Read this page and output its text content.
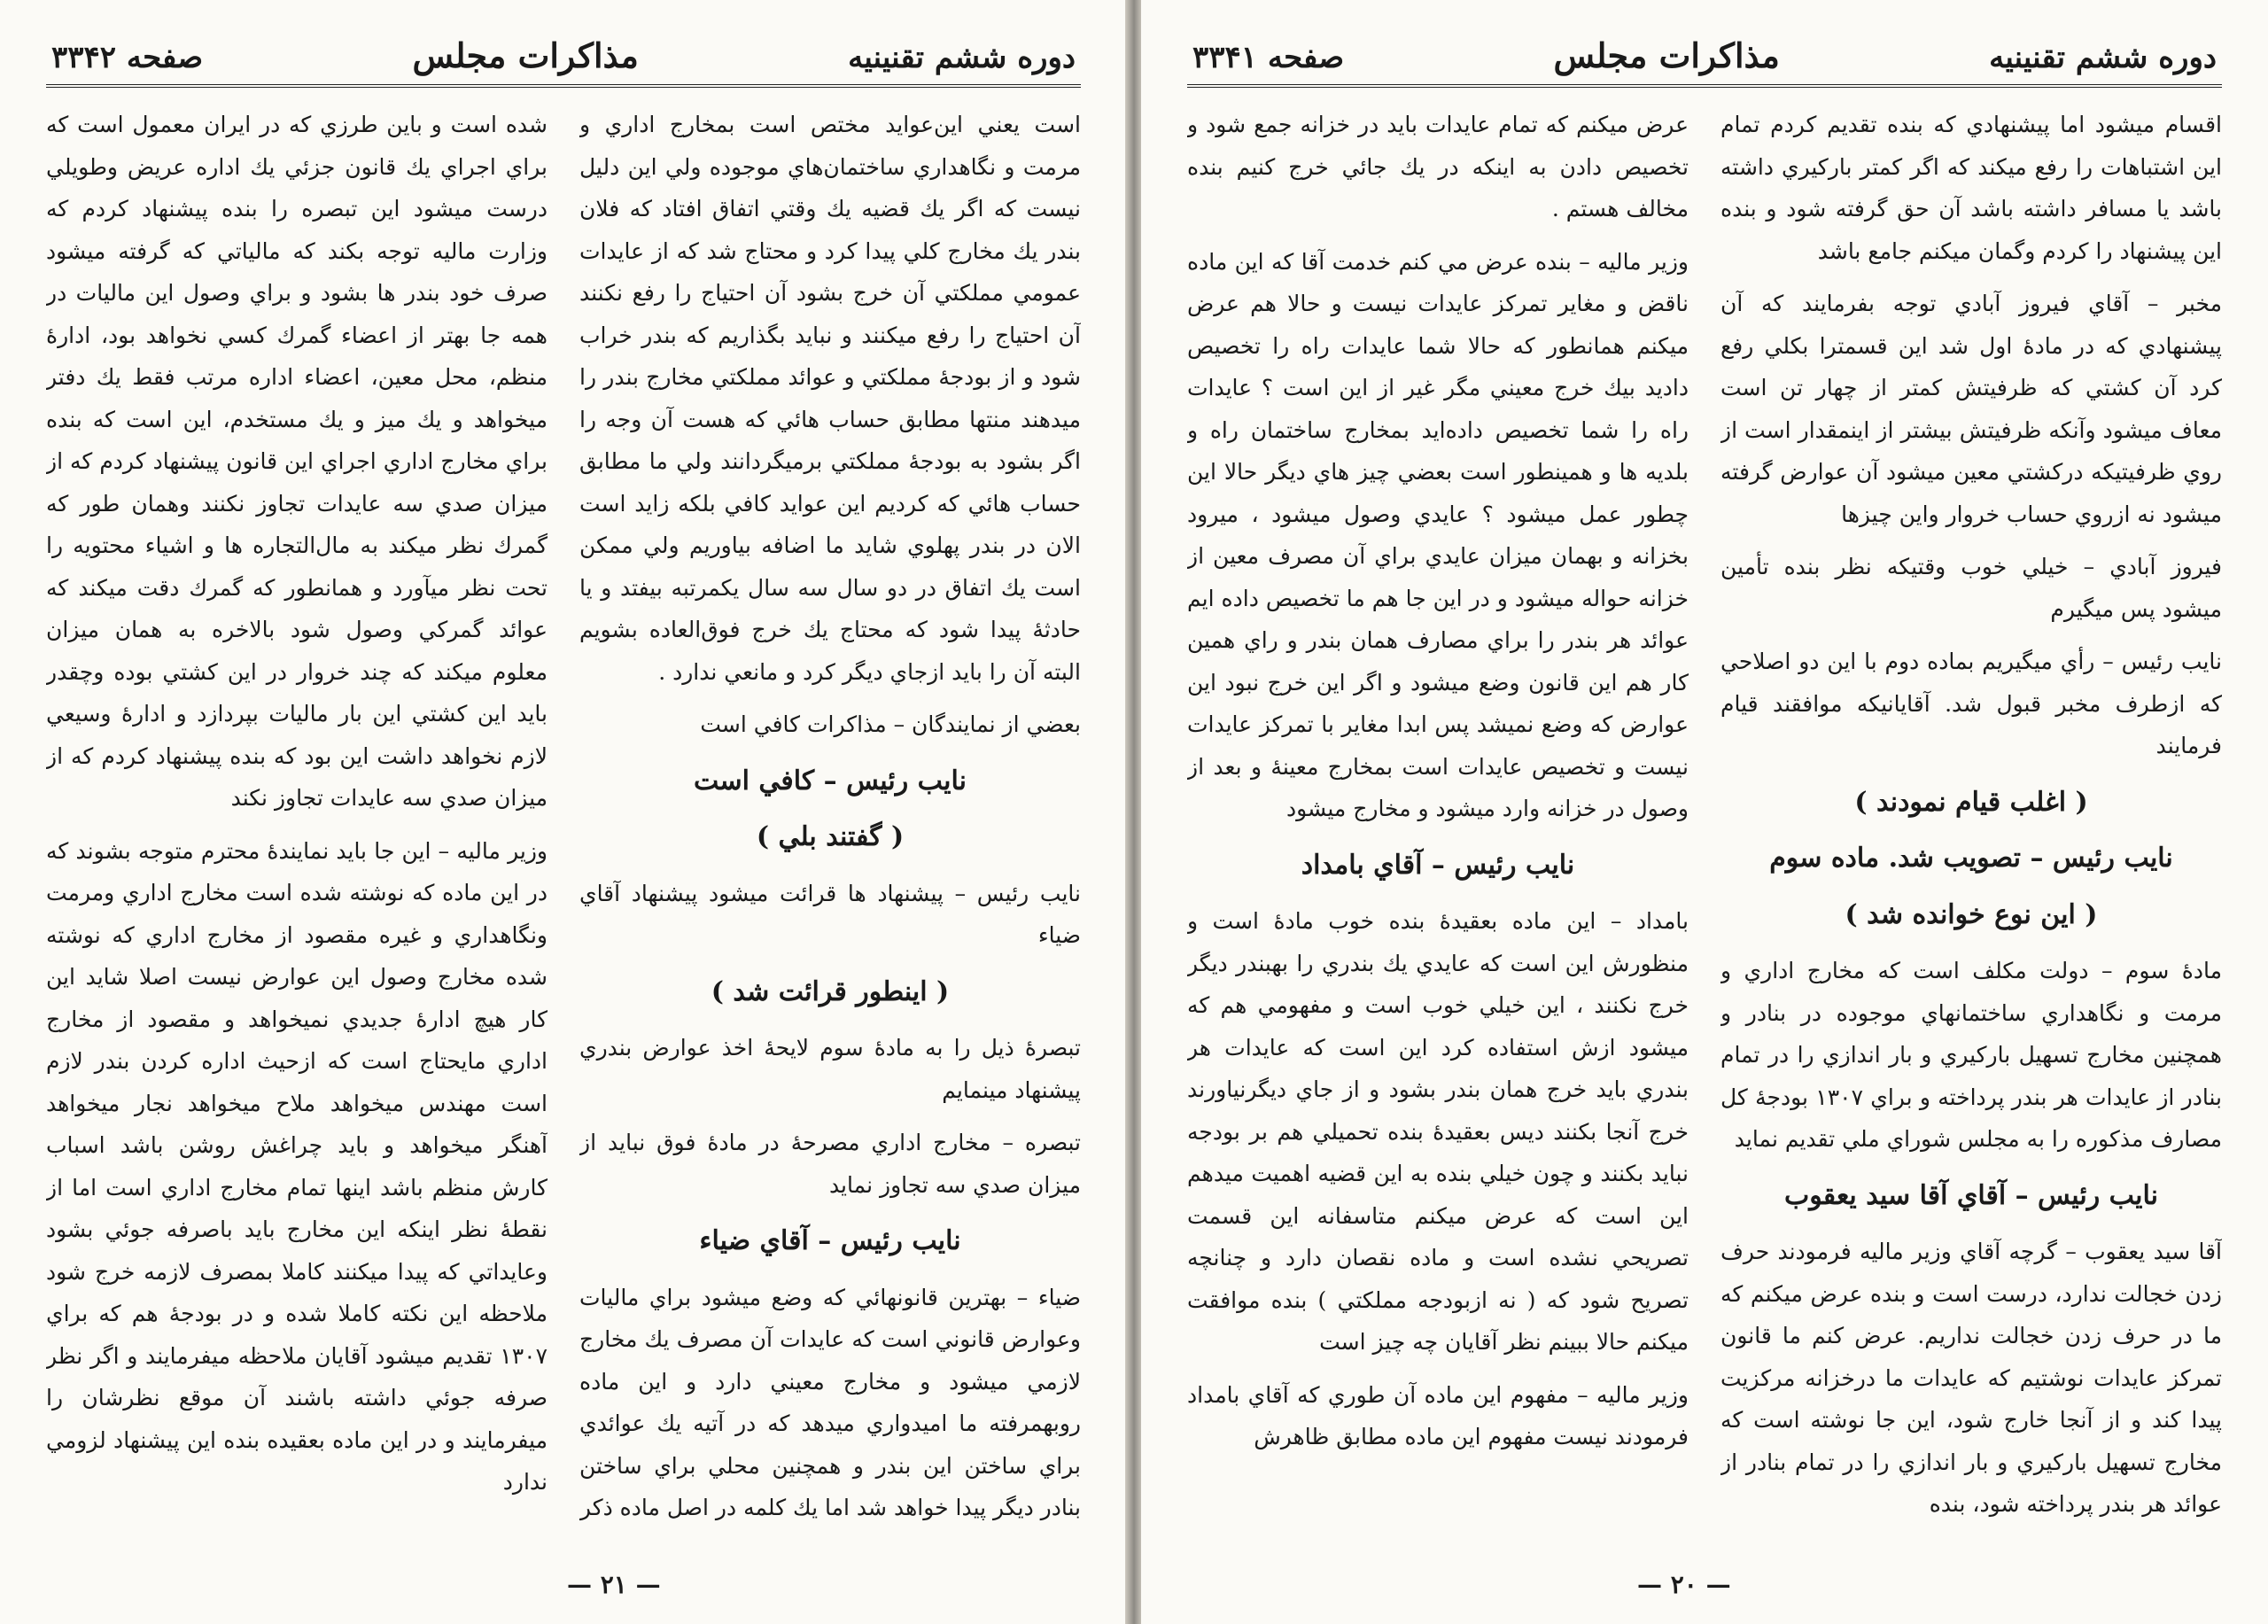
دوره ششم تقنينيه
مذاكرات مجلس
صفحه ۳۳۴۲

است يعني اين‌عوايد مختص است بمخارج اداري و مرمت و نگاهداري ساختمان‌هاي موجوده ولي اين دليل نيست كه اگر يك قضيه يك وقتي اتفاق افتاد كه فلان بندر يك مخارج كلي پيدا كرد و محتاج شد كه از عايدات عمومي مملكتي آن خرج بشود آن احتياج را رفع نكنند آن احتياج را رفع ميكنند و نبايد بگذاريم كه بندر خراب شود و از بودجهٔ مملكتي و عوائد مملكتي مخارج بندر را ميدهند منتها مطابق حساب هائي كه هست آن وجه را اگر بشود به بودجهٔ مملكتي برميگردانند ولي ما مطابق حساب هائي كه كرديم اين عوايد كافي بلكه زايد است الان در بندر پهلوي شايد ما اضافه بياوريم ولي ممكن است يك اتفاق در دو سال سه سال يكمرتبه بيفتد و يا حادثهٔ پيدا شود كه محتاج يك خرج فوق‌العاده بشويم البته آن را بايد ازجاي ديگر كرد و مانعي ندارد .

بعضي از نمايندگان – مذاكرات كافي است

نايب رئيس – كافي است
( گفتند بلي )

نايب رئيس – پيشنهاد ها قرائت ميشود پيشنهاد آقاي ضياء

( اينطور قرائت شد )

تبصرهٔ ذيل را به مادهٔ سوم لايحهٔ اخذ عوارض بندري پيشنهاد مينمايم

تبصره – مخارج اداري مصرحهٔ در مادهٔ فوق نبايد از ميزان صدي سه تجاوز نمايد

نايب رئيس – آقاي ضياء

ضياء – بهترين قانونهائي كه وضع ميشود براي ماليات وعوارض قانوني است كه عايدات آن مصرف يك مخارج لازمي ميشود و مخارج معيني دارد و اين ماده روبهمرفته ما اميدواري ميدهد كه در آتيه يك عوائدي براي ساختن اين بندر و همچنين محلي براي ساختن بنادر ديگر پيدا خواهد شد اما يك كلمه در اصل ماده ذكر

شده است و باين طرزي كه در ايران معمول است كه براي اجراي يك قانون جزئي يك اداره عريض وطويلي درست ميشود اين تبصره را بنده پيشنهاد كردم كه وزارت ماليه توجه بكند كه مالياتي كه گرفته ميشود صرف خود بندر ها بشود و براي وصول اين ماليات در همه جا بهتر از اعضاء گمرك كسي نخواهد بود، ادارهٔ منظم، محل معين، اعضاء اداره مرتب فقط يك دفتر ميخواهد و يك ميز و يك مستخدم، اين است كه بنده براي مخارج اداري اجراي اين قانون پيشنهاد كردم كه از ميزان صدي سه عايدات تجاوز نكنند وهمان طور كه گمرك نظر ميكند به مال‌التجاره ها و اشياء محتويه را تحت نظر ميآورد و همانطور كه گمرك دقت ميكند كه عوائد گمركي وصول شود بالاخره به همان ميزان معلوم ميكند كه چند خروار در اين كشتي بوده وچقدر بايد اين كشتي اين بار ماليات بپردازد و ادارهٔ وسيعي لازم نخواهد داشت اين بود كه بنده پيشنهاد كردم كه از ميزان صدي سه عايدات تجاوز نكند

وزير ماليه – اين جا بايد نمايندهٔ محترم متوجه بشوند كه در اين ماده كه نوشته شده است مخارج اداري ومرمت ونگاهداري و غيره مقصود از مخارج اداري كه نوشته شده مخارج وصول اين عوارض نيست اصلا شايد اين كار هيچ ادارهٔ جديدي نميخواهد و مقصود از مخارج اداري مايحتاج است كه ازحيث اداره كردن بندر لازم است مهندس ميخواهد ملاح ميخواهد نجار ميخواهد آهنگر ميخواهد و بايد چراغش روشن باشد اسباب كارش منظم باشد اينها تمام مخارج اداري است اما از نقطهٔ نظر اينكه اين مخارج بايد باصرفه جوئي بشود وعايداتي كه پيدا ميكنند كاملا بمصرف لازمه خرج شود ملاحظه اين نكته كاملا شده و در بودجهٔ هم كه براي ۱۳۰۷ تقديم ميشود آقايان ملاحظه ميفرمايند و اگر نظر صرفه جوئي داشته باشند آن موقع نظرشان را ميفرمايند و در اين ماده بعقيده بنده اين پيشنهاد لزومي ندارد

— ۲۱ —
دوره ششم تقنينيه
مذاكرات مجلس
صفحه ۳۳۴۱

اقسام ميشود اما پيشنهادي كه بنده تقديم كردم تمام اين اشتباهات را رفع ميكند كه اگر كمتر باركيري داشته باشد يا مسافر داشته باشد آن حق گرفته شود و بنده اين پيشنهاد را كردم وگمان ميكنم جامع باشد

مخبر – آقاي فيروز آبادي توجه بفرمايند كه آن پيشنهادي كه در مادهٔ اول شد اين قسمترا بكلي رفع كرد آن كشتي كه ظرفيتش كمتر از چهار تن است معاف ميشود وآنكه ظرفيتش بيشتر از اينمقدار است از روي ظرفيتيكه دركشتي معين ميشود آن عوارض گرفته ميشود نه ازروي حساب خروار واين چيزها

فيروز آبادي – خيلي خوب وقتيكه نظر بنده تأمين ميشود پس ميگيرم

نايب رئيس – رأي ميگيريم بماده دوم با اين دو اصلاحي كه ازطرف مخبر قبول شد. آقايانيكه موافقند قيام فرمايند

( اغلب قيام نمودند )
نايب رئيس – تصويب شد. ماده سوم
( اين نوع خوانده شد )

مادهٔ سوم – دولت مكلف است كه مخارج اداري و مرمت و نگاهداري ساختمانهاي موجوده در بنادر و همچنين مخارج تسهيل باركيري و بار اندازي را در تمام بنادر از عايدات هر بندر پرداخته و براي ۱۳۰۷ بودجهٔ كل مصارف مذكوره را به مجلس شوراي ملي تقديم نمايد

نايب رئيس – آقاي آقا سيد يعقوب

آقا سيد يعقوب – گرچه آقاي وزير ماليه فرمودند حرف زدن خجالت ندارد، درست است و بنده عرض ميكنم كه ما در حرف زدن خجالت نداريم. عرض كنم ما قانون تمركز عايدات نوشتيم كه عايدات ما درخزانه مركزيت پيدا كند و از آنجا خارج شود، اين جا نوشته است كه مخارج تسهيل باركيري و بار اندازي را در تمام بنادر از عوائد هر بندر پرداخته شود، بنده

عرض ميكنم كه تمام عايدات بايد در خزانه جمع شود و تخصيص دادن به اينكه در يك جائي خرج كنيم بنده مخالف هستم .

وزير ماليه – بنده عرض مي كنم خدمت آقا كه اين ماده ناقض و مغاير تمركز عايدات نيست و حالا هم عرض ميكنم همانطور كه حالا شما عايدات راه را تخصيص داديد بيك خرج معيني مگر غير از اين است ؟ عايدات راه را شما تخصيص داده‌ايد بمخارج ساختمان راه و بلديه ها و همينطور است بعضي چيز هاي ديگر حالا اين چطور عمل ميشود ؟ عايدي وصول ميشود ، ميرود بخزانه و بهمان ميزان عايدي براي آن مصرف معين از خزانه حواله ميشود و در اين جا هم ما تخصيص داده ايم عوائد هر بندر را براي مصارف همان بندر و راي همين كار هم اين قانون وضع ميشود و اگر اين خرج نبود اين عوارض كه وضع نميشد پس ابدا مغاير با تمركز عايدات نيست و تخصيص عايدات است بمخارج معينهٔ و بعد از وصول در خزانه وارد ميشود و مخارج ميشود

نايب رئيس – آقاي بامداد

بامداد – اين ماده بعقيدهٔ بنده خوب مادهٔ است و منظورش اين است كه عايدي يك بندري را بهبندر ديگر خرج نكنند ، اين خيلي خوب است و مفهومي هم كه ميشود ازش استفاده كرد اين است كه عايدات هر بندري بايد خرج همان بندر بشود و از جاي ديگرنياورند خرج آنجا بكنند ديس بعقيدهٔ بنده تحميلي هم بر بودجه نبايد بكنند و چون خيلي بنده به اين قضيه اهميت ميدهم اين است كه عرض ميكنم متاسفانه اين قسمت تصريحي نشده است و ماده نقصان دارد و چنانچه تصريح شود كه ( نه ازبودجه مملكتي ) بنده موافقت ميكنم حالا ببينم نظر آقايان چه چيز است

وزير ماليه – مفهوم اين ماده آن طوري كه آقاي بامداد فرمودند نيست مفهوم اين ماده مطابق ظاهرش

— ۲۰ —
